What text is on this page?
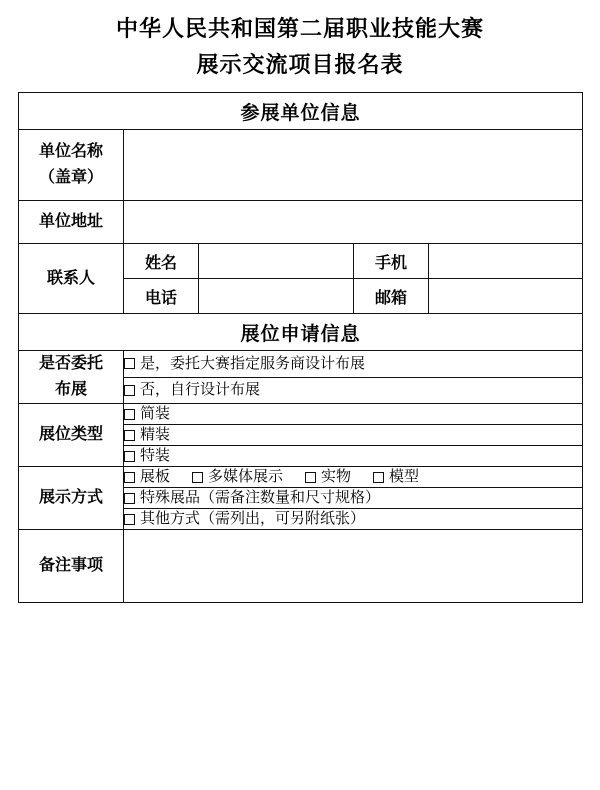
中华人民共和国第二届职业技能大赛
展示交流项目报名表
参展单位信息				
单位名称
（盖章）				

单位地址				
联系人	姓名		手机	
	电话		邮箱	
展位申请信息				
是否委托
布展	是，委托大赛指定服务商设计布展			

	否，自行设计布展			

展位类型	简装			

	精装			

	特装			

展示方式	展板 多媒体展示 实物 模型			

	特殊展品（需备注数量和尺寸规格）			

	其他方式（需列出，可另附纸张）			

备注事项				
